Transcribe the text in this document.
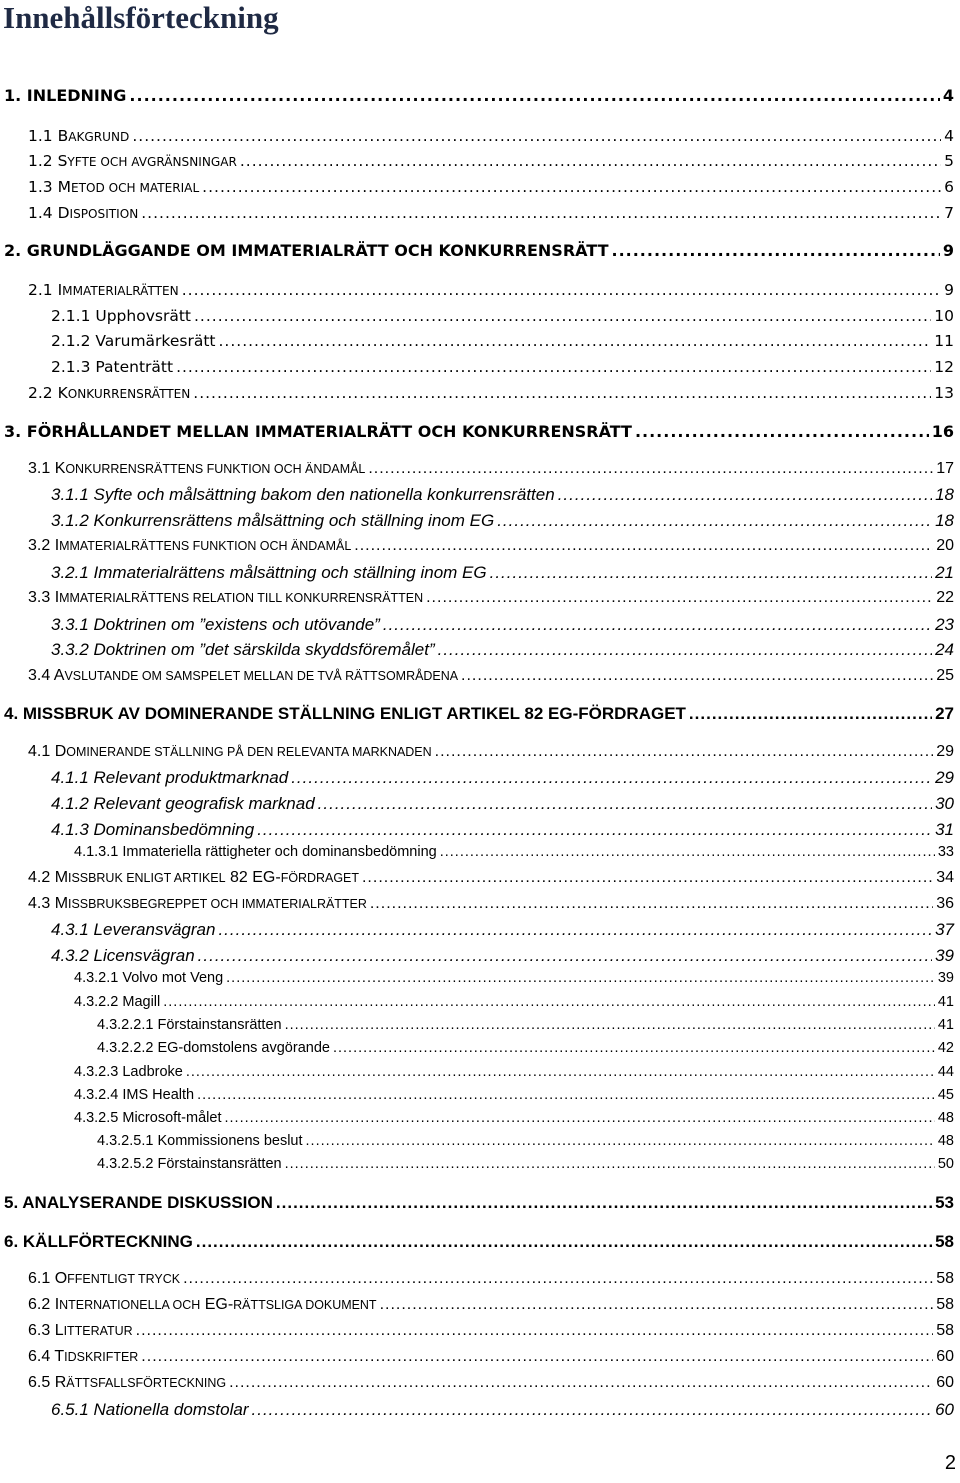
Innehållsförteckning
1. INLEDNING .....	4
1.1 BAKGRUND .....	4
1.2 SYFTE OCH AVGRÄNSNINGAR .....	5
1.3 METOD OCH MATERIAL .....	6
1.4 DISPOSITION .....	7
2. GRUNDLÄGGANDE OM IMMATERIALRÄTT OCH KONKURRENSRÄTT .....	9
2.1 IMMATERIALRÄTTEN .....	9
2.1.1 Upphovsrätt .....	10
2.1.2 Varumärkesrätt .....	11
2.1.3 Patenträtt .....	12
2.2 KONKURRENSRÄTTEN .....	13
3. FÖRHÅLLANDET MELLAN IMMATERIALRÄTT OCH KONKURRENSRÄTT .....	16
3.1 KONKURRENSRÄTTENS FUNKTION OCH ÄNDAMÅL .....	17
3.1.1 Syfte och målsättning bakom den nationella konkurrensrätten .....	18
3.1.2 Konkurrensrättens målsättning och ställning inom EG .....	18
3.2 IMMATERIALRÄTTENS FUNKTION OCH ÄNDAMÅL .....	20
3.2.1 Immaterialrättens målsättning och ställning inom EG .....	21
3.3 IMMATERIALRÄTTENS RELATION TILL KONKURRENSRÄTTEN .....	22
3.3.1 Doktrinen om ”existens och utövande” .....	23
3.3.2 Doktrinen om ”det särskilda skyddsföremålet” .....	24
3.4 AVSLUTANDE OM SAMSPELET MELLAN DE TVÅ RÄTTSOMRÅDENA .....	25
4. MISSBRUK AV DOMINERANDE STÄLLNING ENLIGT ARTIKEL 82 EG-FÖRDRAGET .....	27
4.1 DOMINERANDE STÄLLNING PÅ DEN RELEVANTA MARKNADEN .....	29
4.1.1 Relevant produktmarknad .....	29
4.1.2 Relevant geografisk marknad .....	30
4.1.3 Dominansbedömning .....	31
4.1.3.1 Immateriella rättigheter och dominansbedömning .....	33
4.2 MISSBRUK ENLIGT ARTIKEL 82 EG-FÖRDRAGET .....	34
4.3 MISSBRUKSBEGREPPET OCH IMMATERIALRÄTTER .....	36
4.3.1 Leveransvägran .....	37
4.3.2 Licensvägran .....	39
4.3.2.1 Volvo mot Veng .....	39
4.3.2.2 Magill .....	41
4.3.2.2.1 Förstainstansrätten .....	41
4.3.2.2.2 EG-domstolens avgörande .....	42
4.3.2.3 Ladbroke .....	44
4.3.2.4 IMS Health .....	45
4.3.2.5 Microsoft-målet .....	48
4.3.2.5.1 Kommissionens beslut .....	48
4.3.2.5.2 Förstainstansrätten .....	50
5. ANALYSERANDE DISKUSSION .....	53
6. KÄLLFÖRTECKNING .....	58
6.1 OFFENTLIGT TRYCK .....	58
6.2 INTERNATIONELLA OCH EG-RÄTTSLIGA DOKUMENT .....	58
6.3 LITTERATUR .....	58
6.4 TIDSKRIFTER .....	60
6.5 RÄTTSFALLSFÖRTECKNING .....	60
6.5.1 Nationella domstolar .....	60
2
